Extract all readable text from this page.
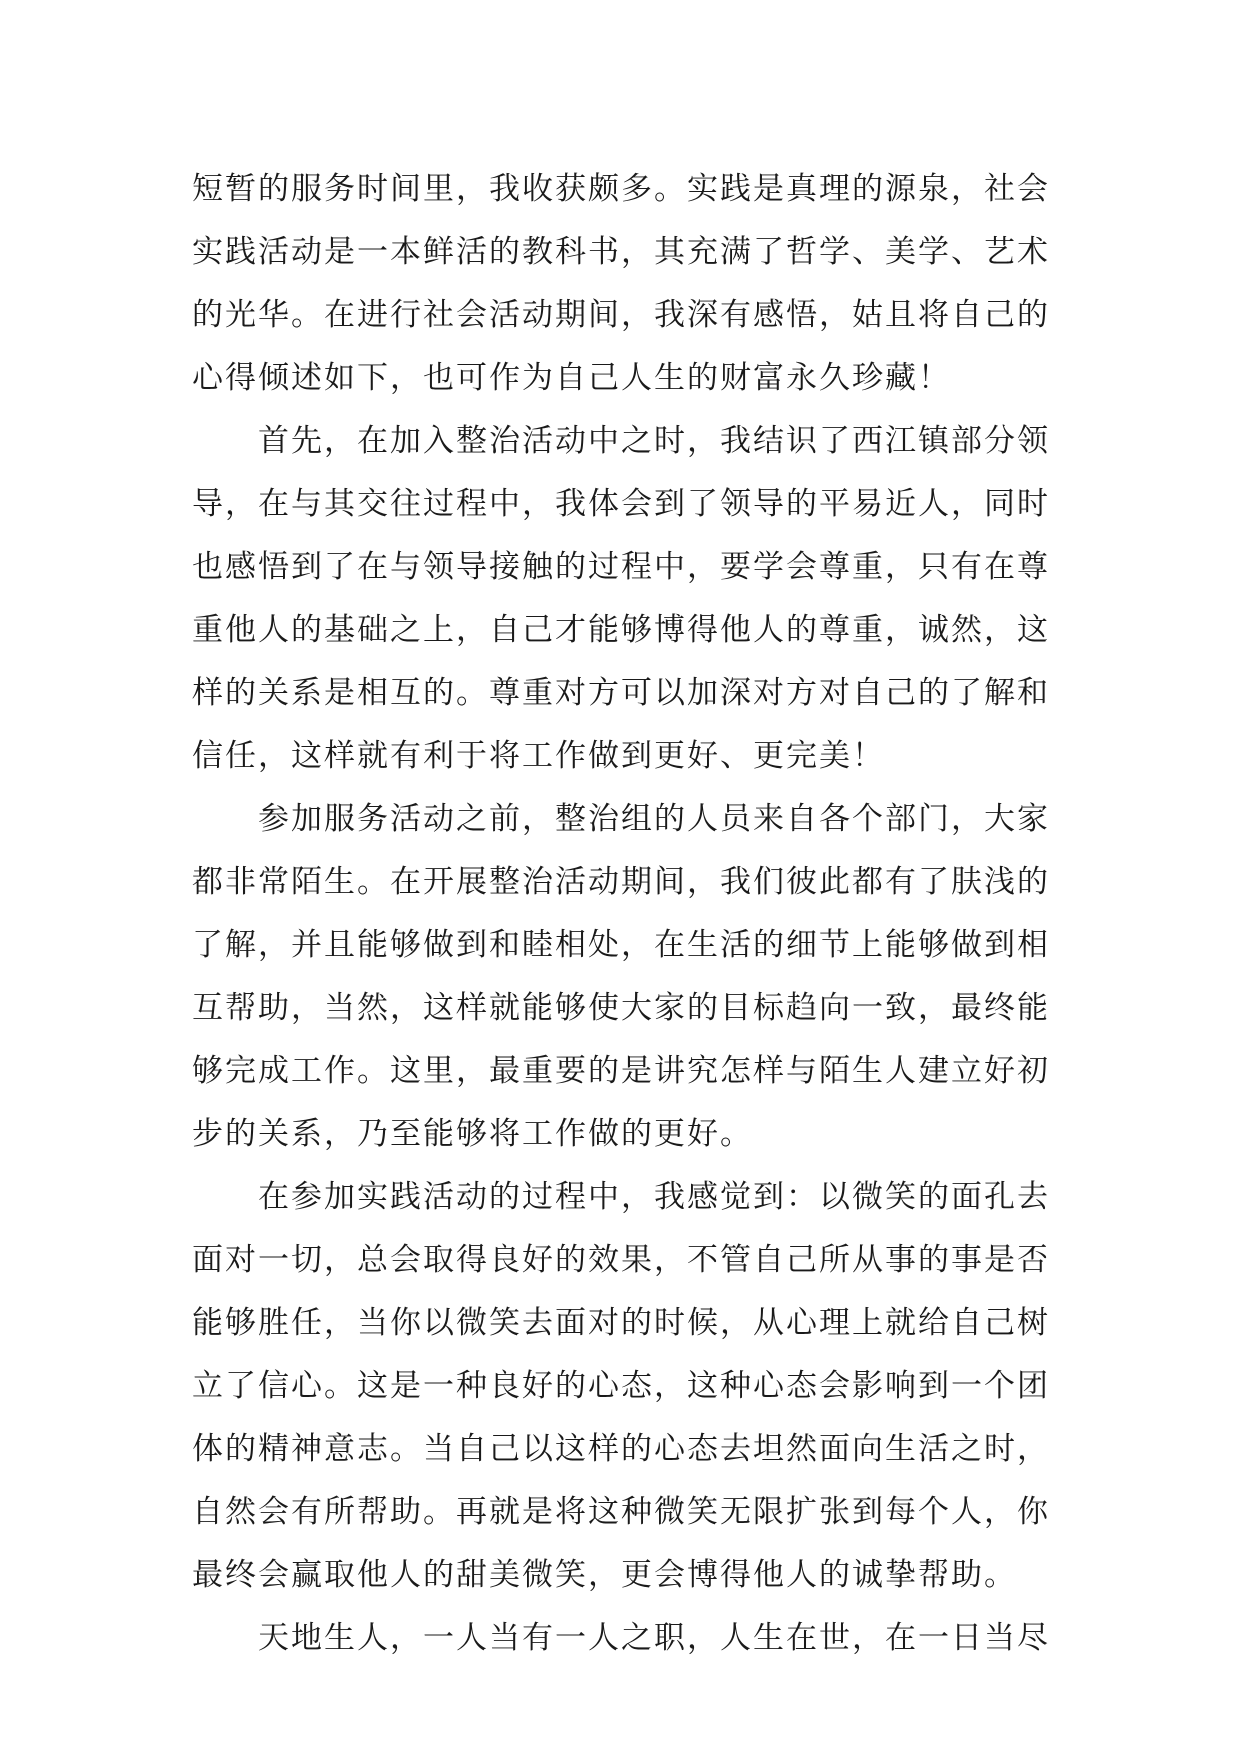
短暂的服务时间里，我收获颇多。实践是真理的源泉，社会
实践活动是一本鲜活的教科书，其充满了哲学、美学、艺术
的光华。在进行社会活动期间，我深有感悟，姑且将自己的
心得倾述如下，也可作为自己人生的财富永久珍藏！
首先，在加入整治活动中之时，我结识了西江镇部分领
导，在与其交往过程中，我体会到了领导的平易近人，同时
也感悟到了在与领导接触的过程中，要学会尊重，只有在尊
重他人的基础之上，自己才能够博得他人的尊重，诚然，这
样的关系是相互的。尊重对方可以加深对方对自己的了解和
信任，这样就有利于将工作做到更好、更完美！
参加服务活动之前，整治组的人员来自各个部门，大家
都非常陌生。在开展整治活动期间，我们彼此都有了肤浅的
了解，并且能够做到和睦相处，在生活的细节上能够做到相
互帮助，当然，这样就能够使大家的目标趋向一致，最终能
够完成工作。这里，最重要的是讲究怎样与陌生人建立好初
步的关系，乃至能够将工作做的更好。
在参加实践活动的过程中，我感觉到：以微笑的面孔去
面对一切，总会取得良好的效果，不管自己所从事的事是否
能够胜任，当你以微笑去面对的时候，从心理上就给自己树
立了信心。这是一种良好的心态，这种心态会影响到一个团
体的精神意志。当自己以这样的心态去坦然面向生活之时，
自然会有所帮助。再就是将这种微笑无限扩张到每个人，你
最终会赢取他人的甜美微笑，更会博得他人的诚挚帮助。
天地生人，一人当有一人之职，人生在世，在一日当尽
